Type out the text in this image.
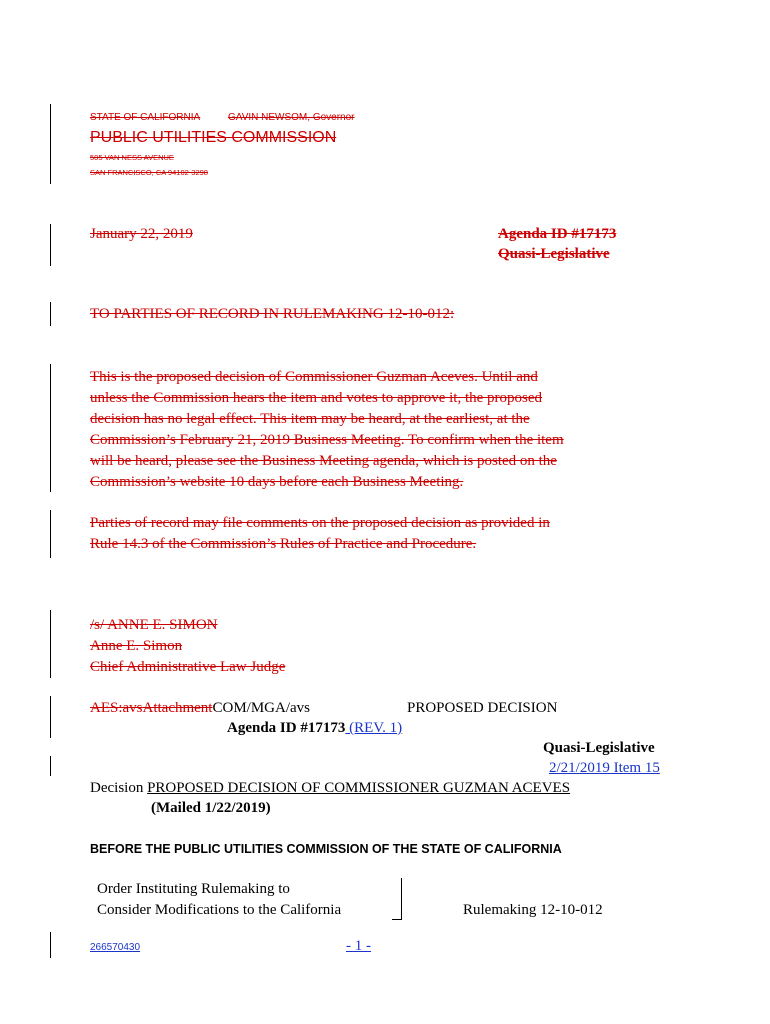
STATE OF CALIFORNIA	GAVIN NEWSOM, Governor
PUBLIC UTILITIES COMMISSION
505 VAN NESS AVENUE
SAN FRANCISCO, CA 94102-3298
January 22, 2019	Agenda ID #17173
Quasi-Legislative
TO PARTIES OF RECORD IN RULEMAKING 12-10-012:
This is the proposed decision of Commissioner Guzman Aceves. Until and
unless the Commission hears the item and votes to approve it, the proposed
decision has no legal effect. This item may be heard, at the earliest, at the
Commission’s February 21, 2019 Business Meeting. To confirm when the item
will be heard, please see the Business Meeting agenda, which is posted on the
Commission’s website 10 days before each Business Meeting.
Parties of record may file comments on the proposed decision as provided in
Rule 14.3 of the Commission’s Rules of Practice and Procedure.
/s/ ANNE E. SIMON
Anne E. Simon
Chief Administrative Law Judge
AES:avsAttachmentCOM/MGA/avs	PROPOSED DECISION
Agenda ID #17173 (REV. 1)
Quasi-Legislative
2/21/2019 Item 15
Decision PROPOSED DECISION OF COMMISSIONER GUZMAN ACEVES
(Mailed 1/22/2019)
BEFORE THE PUBLIC UTILITIES COMMISSION OF THE STATE OF CALIFORNIA
Order Instituting Rulemaking to
Consider Modifications to the California	Rulemaking 12-10-012
266570430	- 1 -
